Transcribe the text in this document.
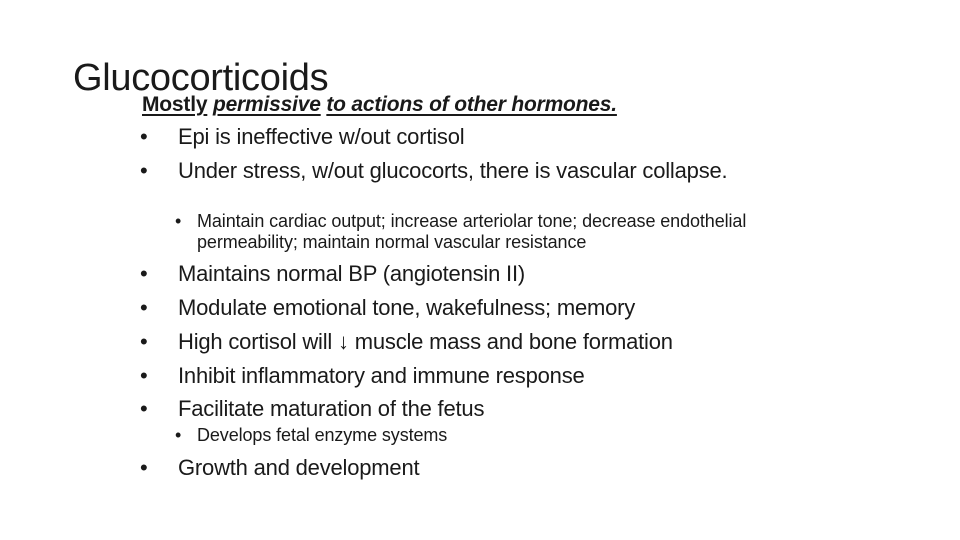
Glucocorticoids
Mostly permissive to actions of other hormones.
• Epi is ineffective w/out cortisol
• Under stress, w/out glucocorts, there is vascular collapse.
• Maintain cardiac output; increase arteriolar tone; decrease endothelial permeability; maintain normal vascular resistance
• Maintains normal BP (angiotensin II)
• Modulate emotional tone, wakefulness; memory
• High cortisol will ↓ muscle mass and bone formation
• Inhibit inflammatory and immune response
• Facilitate maturation of the fetus
• Develops fetal enzyme systems
• Growth and development
